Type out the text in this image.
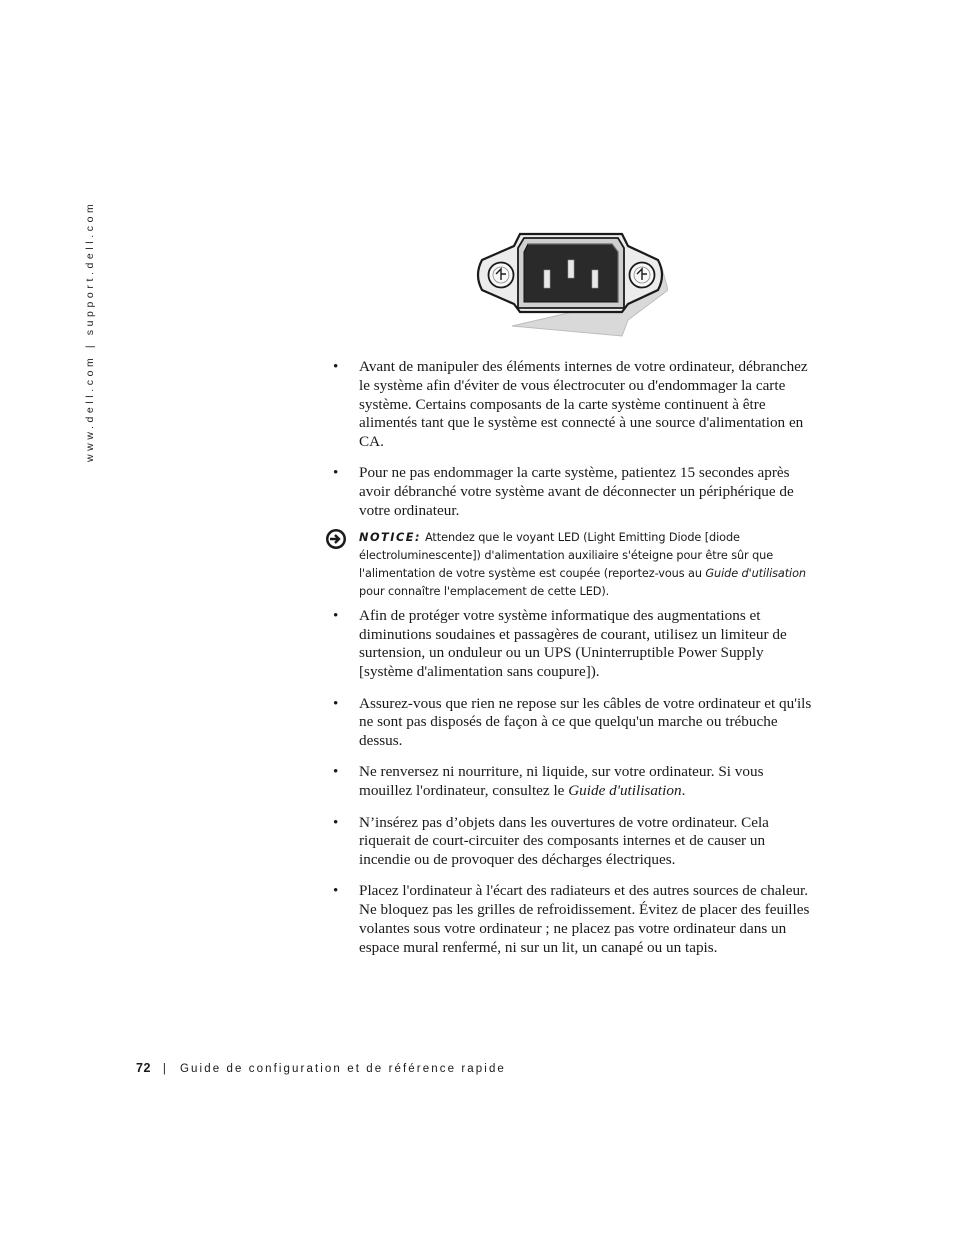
www.dell.com | support.dell.com	•	Avant de manipuler des éléments internes de votre ordinateur, débranchez le système afin d'éviter de vous électrocuter ou d'endommager la carte système. Certains composants de la carte système continuent à être alimentés tant que le système est connecté à une source d'alimentation en CA.
•	Pour ne pas endommager la carte système, patientez 15 secondes après avoir débranché votre système avant de déconnecter un périphérique de votre ordinateur.
NOTICE: Attendez que le voyant LED (Light Emitting Diode [diode électroluminescente]) d'alimentation auxiliaire s'éteigne pour être sûr que l'alimentation de votre système est coupée (reportez-vous au Guide d'utilisation pour connaître l'emplacement de cette LED).
•	Afin de protéger votre système informatique des augmentations et diminutions soudaines et passagères de courant, utilisez un limiteur de surtension, un onduleur ou un UPS (Uninterruptible Power Supply [système d'alimentation sans coupure]).
•	Assurez-vous que rien ne repose sur les câbles de votre ordinateur et qu'ils ne sont pas disposés de façon à ce que quelqu'un marche ou trébuche dessus.
•	Ne renversez ni nourriture, ni liquide, sur votre ordinateur. Si vous mouillez l'ordinateur, consultez le Guide d'utilisation.
•	N’insérez pas d’objets dans les ouvertures de votre ordinateur. Cela riquerait de court-circuiter des composants internes et de causer un incendie ou de provoquer des décharges électriques.
•	Placez l'ordinateur à l'écart des radiateurs et des autres sources de chaleur. Ne bloquez pas les grilles de refroidissement. Évitez de placer des feuilles volantes sous votre ordinateur ; ne placez pas votre ordinateur dans un espace mural renfermé, ni sur un lit, un canapé ou un tapis.
72 | Guide de configuration et de référence rapide
